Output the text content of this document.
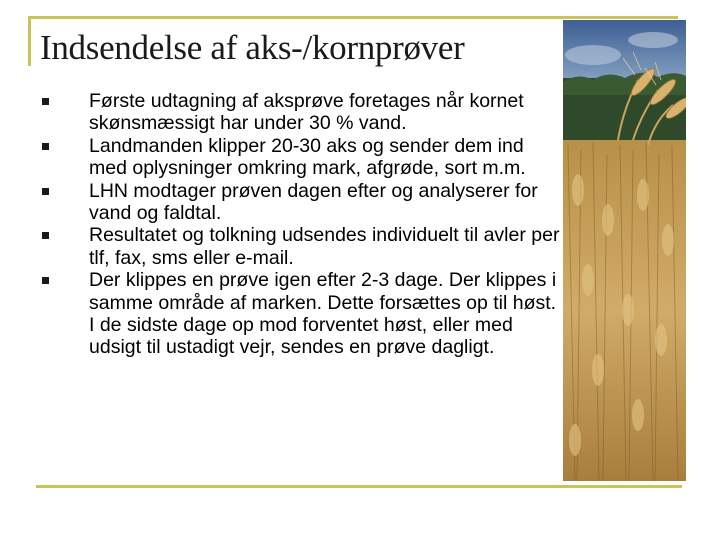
Indsendelse af aks-/kornprøver
Første udtagning af aksprøve foretages når kornet skønsmæssigt har under 30 % vand.
Landmanden klipper 20-30 aks og sender dem ind med oplysninger omkring mark, afgrøde, sort m.m.
LHN modtager prøven dagen efter og analyserer for vand og faldtal.
Resultatet og tolkning udsendes individuelt til avler per tlf, fax, sms eller e-mail.
Der klippes en prøve igen efter 2-3 dage. Der klippes i samme område af marken. Dette forsættes op til høst. I de sidste dage op mod forventet høst, eller med udsigt til ustadigt vejr, sendes en prøve dagligt.
